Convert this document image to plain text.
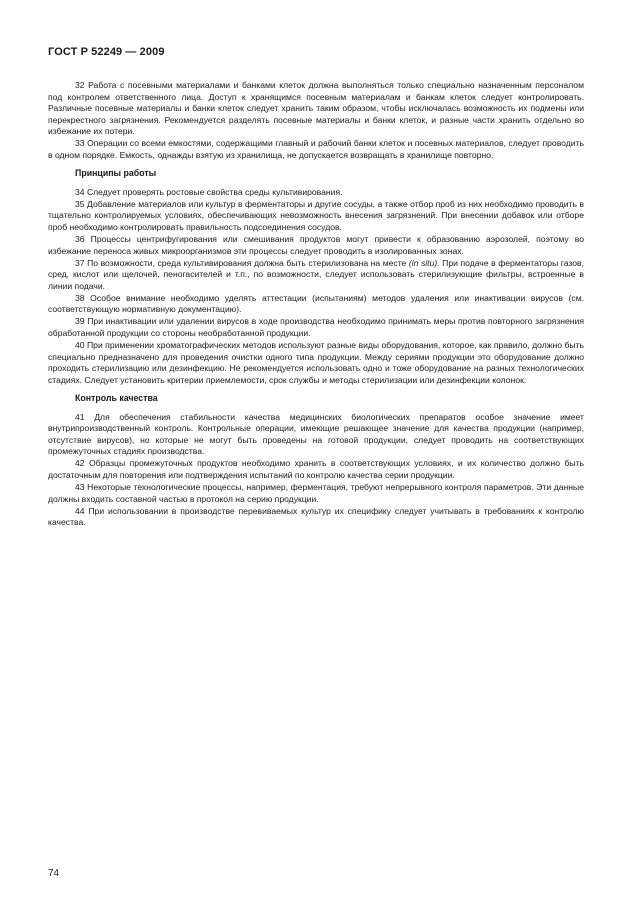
ГОСТ Р 52249 — 2009

32 Работа с посевными материалами и банками клеток должна выполняться только специально назначенным персоналом под контролем ответственного лица. Доступ к хранящимся посевным материалам и банкам клеток следует контролировать. Различные посевные материалы и банки клеток следует хранить таким образом, чтобы исключалась возможность их подмены или перекрестного загрязнения. Рекомендуется разделять посевные материалы и банки клеток, и разные части хранить отдельно во избежание их потери.

33 Операции со всеми емкостями, содержащими главный и рабочий банки клеток и посевных материалов, следует проводить в одном порядке. Емкость, однажды взятую из хранилища, не допускается возвращать в хранилище повторно.

Принципы работы

34 Следует проверять ростовые свойства среды культивирования.

35 Добавление материалов или культур в ферментаторы и другие сосуды, а также отбор проб из них необходимо проводить в тщательно контролируемых условиях, обеспечивающих невозможность внесения загрязнений. При внесении добавок или отборе проб необходимо контролировать правильность подсоединения сосудов.

36 Процессы центрифугирования или смешивания продуктов могут привести к образованию аэрозолей, поэтому во избежание переноса живых микроорганизмов эти процессы следует проводить в изолированных зонах.

37 По возможности, среда культивирования должна быть стерилизована на месте (in situ). При подаче в ферментаторы газов, сред, кислот или щелочей, пеногасителей и т.п., по возможности, следует использовать стерилизующие фильтры, встроенные в линии подачи.

38 Особое внимание необходимо уделять аттестации (испытаниям) методов удаления или инактивации вирусов (см. соответствующую нормативную документацию).

39 При инактивации или удалении вирусов в ходе производства необходимо принимать меры против повторного загрязнения обработанной продукции со стороны необработанной продукции.

40 При применении хроматографических методов используют разные виды оборудования, которое, как правило, должно быть специально предназначено для проведения очистки одного типа продукции. Между сериями продукции это оборудование должно проходить стерилизацию или дезинфекцию. Не рекомендуется использовать одно и тоже оборудование на разных технологических стадиях. Следует установить критерии приемлемости, срок службы и методы стерилизации или дезинфекции колонок.

Контроль качества

41 Для обеспечения стабильности качества медицинских биологических препаратов особое значение имеет внутрипроизводственный контроль. Контрольные операции, имеющие решающее значение для качества продукции (например, отсутствие вирусов), но которые не могут быть проведены на готовой продукции, следует проводить на соответствующих промежуточных стадиях производства.

42 Образцы промежуточных продуктов необходимо хранить в соответствующих условиях, и их количество должно быть достаточным для повторения или подтверждения испытаний по контролю качества серии продукции.

43 Некоторые технологические процессы, например, ферментация, требуют непрерывного контроля параметров. Эти данные должны входить составной частью в протокол на серию продукции.

44 При использовании в производстве перевиваемых культур их специфику следует учитывать в требованиях к контролю качества.

74
